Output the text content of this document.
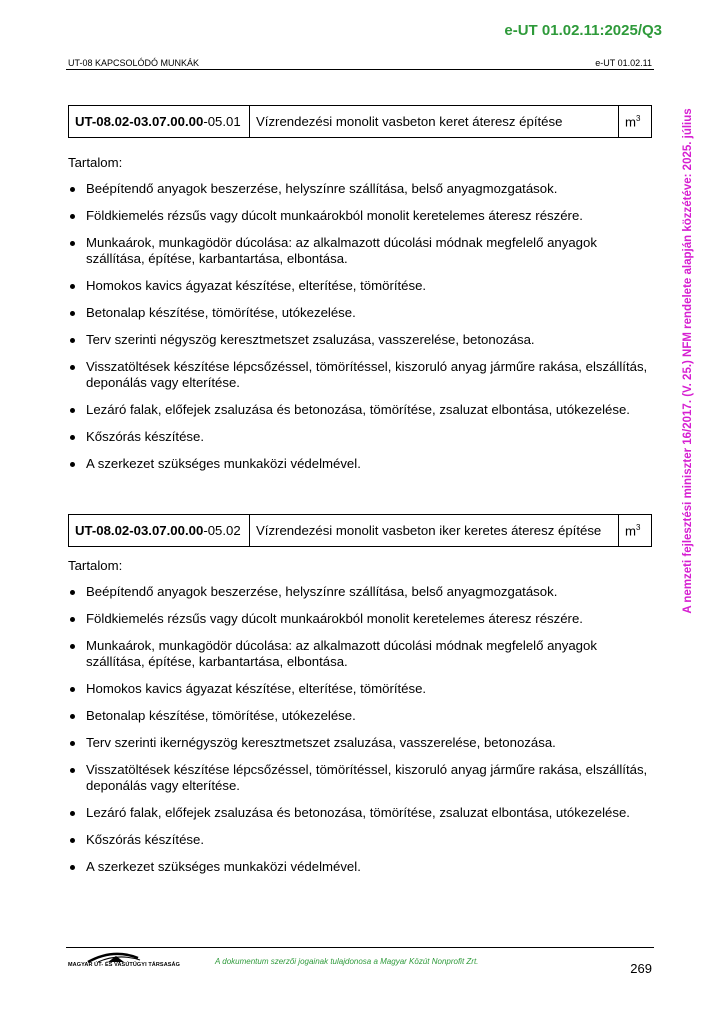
e-UT 01.02.11:2025/Q3
UT-08 KAPCSOLÓDÓ MUNKÁK	e-UT 01.02.11
A nemzeti fejlesztési miniszter 16/2017. (V. 25.) NFM rendelete alapján közzétéve: 2025. július
UT-08.02-03.07.00.00-05.01	Vízrendezési monolit vasbeton keret áteresz építése	$m^3$
Tartalom:
Beépítendő anyagok beszerzése, helyszínre szállítása, belső anyagmozgatások.
Földkiemelés rézsűs vagy dúcolt munkaárokból monolit keretelemes áteresz részére.
Munkaárok, munkagödör dúcolása: az alkalmazott dúcolási módnak megfelelő anyagok szállítása, építése, karbantartása, elbontása.
Homokos kavics ágyazat készítése, elterítése, tömörítése.
Betonalap készítése, tömörítése, utókezelése.
Terv szerinti négyszög keresztmetszet zsaluzása, vasszerelése, betonozása.
Visszatöltések készítése lépcsőzéssel, tömörítéssel, kiszoruló anyag járműre rakása, elszállítás, deponálás vagy elterítése.
Lezáró falak, előfejek zsaluzása és betonozása, tömörítése, zsaluzat elbontása, utókezelése.
Kőszórás készítése.
A szerkezet szükséges munkaközi védelmével.
UT-08.02-03.07.00.00-05.02	Vízrendezési monolit vasbeton iker keretes áteresz építése	$m^3$
Tartalom:
Beépítendő anyagok beszerzése, helyszínre szállítása, belső anyagmozgatások.
Földkiemelés rézsűs vagy dúcolt munkaárokból monolit keretelemes áteresz részére.
Munkaárok, munkagödör dúcolása: az alkalmazott dúcolási módnak megfelelő anyagok szállítása, építése, karbantartása, elbontása.
Homokos kavics ágyazat készítése, elterítése, tömörítése.
Betonalap készítése, tömörítése, utókezelése.
Terv szerinti ikernégyszög keresztmetszet zsaluzása, vasszerelése, betonozása.
Visszatöltések készítése lépcsőzéssel, tömörítéssel, kiszoruló anyag járműre rakása, elszállítás, deponálás vagy elterítése.
Lezáró falak, előfejek zsaluzása és betonozása, tömörítése, zsaluzat elbontása, utókezelése.
Kőszórás készítése.
A szerkezet szükséges munkaközi védelmével.
MAGYAR ÚT- ÉS VASÚTÜGYI TÁRSASÁG	A dokumentum szerzői jogainak tulajdonosa a Magyar Közút Nonprofit Zrt.	269
